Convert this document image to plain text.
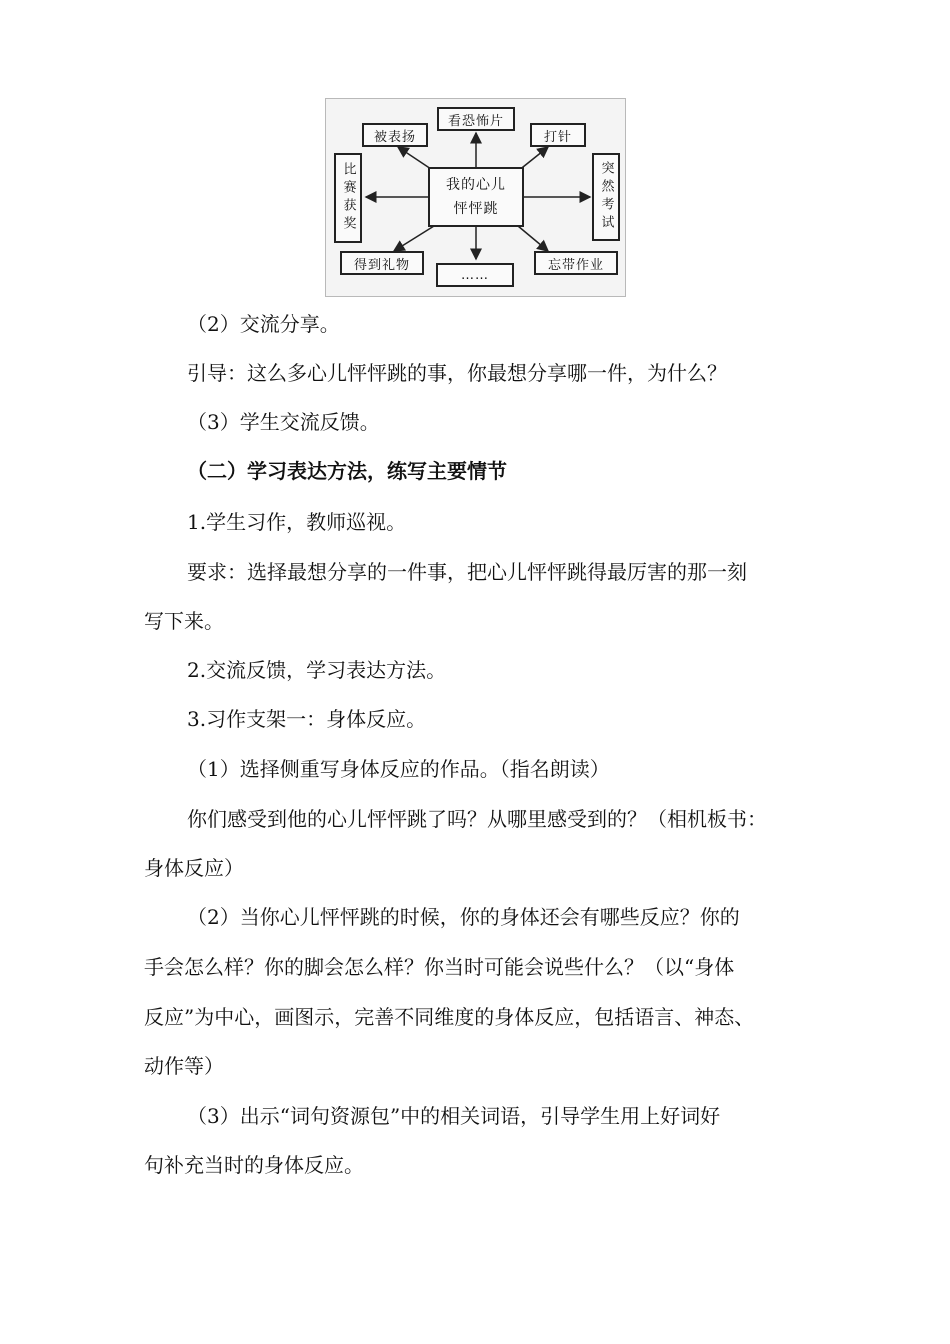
我的心儿
怦怦跳
看恐怖片
被表扬	打针
比赛获奖	突然考试
得到礼物
……
忘带作业

（2）交流分享。

引导：这么多心儿怦怦跳的事，你最想分享哪一件，为什么？

（3）学生交流反馈。

（二）学习表达方法，练写主要情节

1.学生习作，教师巡视。

要求：选择最想分享的一件事，把心儿怦怦跳得最厉害的那一刻

写下来。

2.交流反馈，学习表达方法。

3.习作支架一：身体反应。

（1）选择侧重写身体反应的作品。（指名朗读）

你们感受到他的心儿怦怦跳了吗？从哪里感受到的？（相机板书：

身体反应）

（2）当你心儿怦怦跳的时候，你的身体还会有哪些反应？你的

手会怎么样？你的脚会怎么样？你当时可能会说些什么？（以“身体

反应”为中心，画图示，完善不同维度的身体反应，包括语言、神态、

动作等）

（3）出示“词句资源包”中的相关词语，引导学生用上好词好

句补充当时的身体反应。
